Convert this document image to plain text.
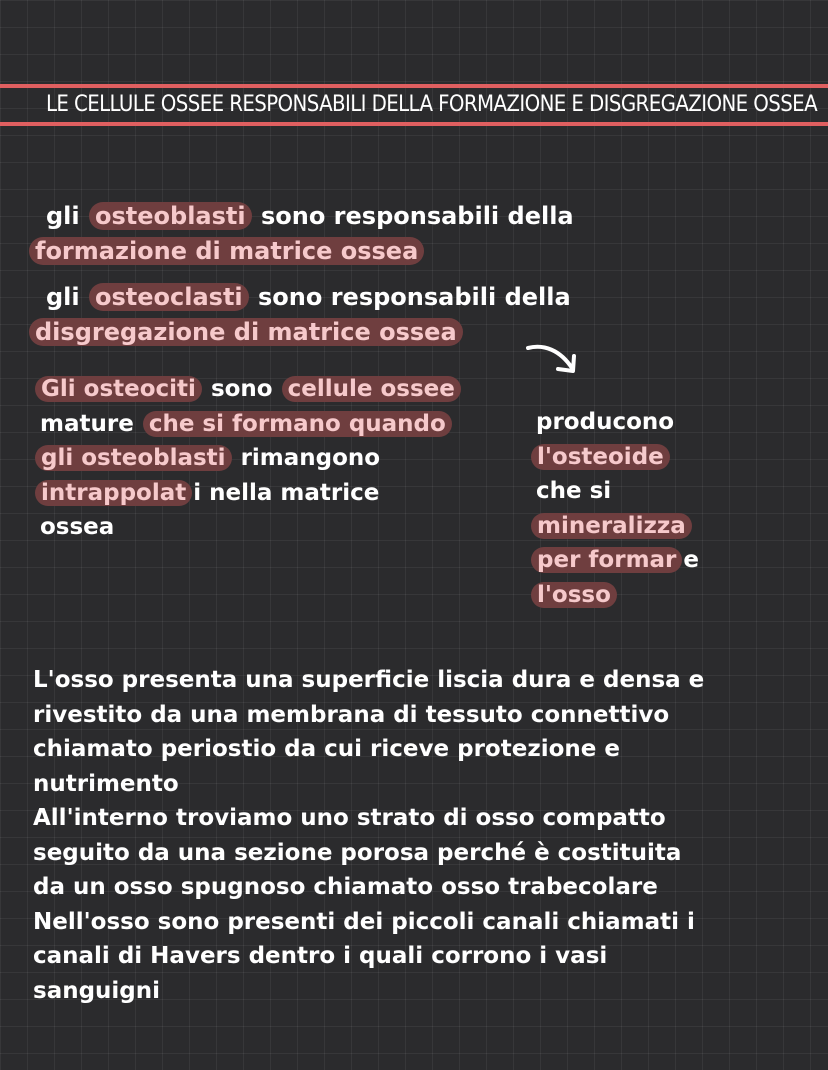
LE CELLULE OSSEE RESPONSABILI DELLA FORMAZIONE E DISGREGAZIONE OSSEA

gli osteoblasti sono responsabili della

formazione di matrice ossea

gli osteoclasti sono responsabili della

disgregazione di matrice ossea

Gli osteociti sono cellule ossee

mature che si formano quando

gli osteoblasti rimangono

intrappolat i nella matrice

ossea

producono

l'osteoide

che si

mineralizza

per formar e

l'osso

L'osso presenta una superficie liscia dura e densa e

rivestito da una membrana di tessuto connettivo

chiamato periostio da cui riceve protezione e

nutrimento

All'interno troviamo uno strato di osso compatto

seguito da una sezione porosa perché è costituita

da un osso spugnoso chiamato osso trabecolare

Nell'osso sono presenti dei piccoli canali chiamati i

canali di Havers dentro i quali corrono i vasi

sanguigni
